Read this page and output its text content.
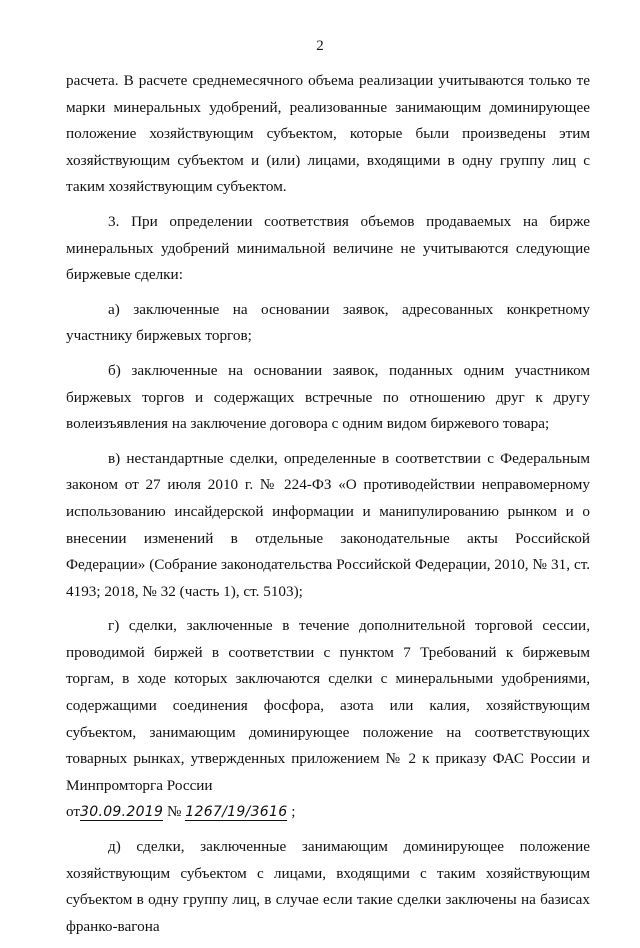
2

расчета. В расчете среднемесячного объема реализации учитываются только те марки минеральных удобрений, реализованные занимающим доминирующее положение хозяйствующим субъектом, которые были произведены этим хозяйствующим субъектом и (или) лицами, входящими в одну группу лиц с таким хозяйствующим субъектом.

3. При определении соответствия объемов продаваемых на бирже минеральных удобрений минимальной величине не учитываются следующие биржевые сделки:

а) заключенные на основании заявок, адресованных конкретному участнику биржевых торгов;

б) заключенные на основании заявок, поданных одним участником биржевых торгов и содержащих встречные по отношению друг к другу волеизъявления на заключение договора с одним видом биржевого товара;

в) нестандартные сделки, определенные в соответствии с Федеральным законом от 27 июля 2010 г. № 224-ФЗ «О противодействии неправомерному использованию инсайдерской информации и манипулированию рынком и о внесении изменений в отдельные законодательные акты Российской Федерации» (Собрание законодательства Российской Федерации, 2010, № 31, ст. 4193; 2018, № 32 (часть 1), ст. 5103);

г) сделки, заключенные в течение дополнительной торговой сессии, проводимой биржей в соответствии с пунктом 7 Требований к биржевым торгам, в ходе которых заключаются сделки с минеральными удобрениями, содержащими соединения фосфора, азота или калия, хозяйствующим субъектом, занимающим доминирующее положение на соответствующих товарных рынках, утвержденных приложением № 2 к приказу ФАС России и Минпромторга России

от30.09.2019 № 1267/19/3616 ;

д) сделки, заключенные занимающим доминирующее положение хозяйствующим субъектом с лицами, входящими с таким хозяйствующим субъектом в одну группу лиц, в случае если такие сделки заключены на базисах франко-вагона
